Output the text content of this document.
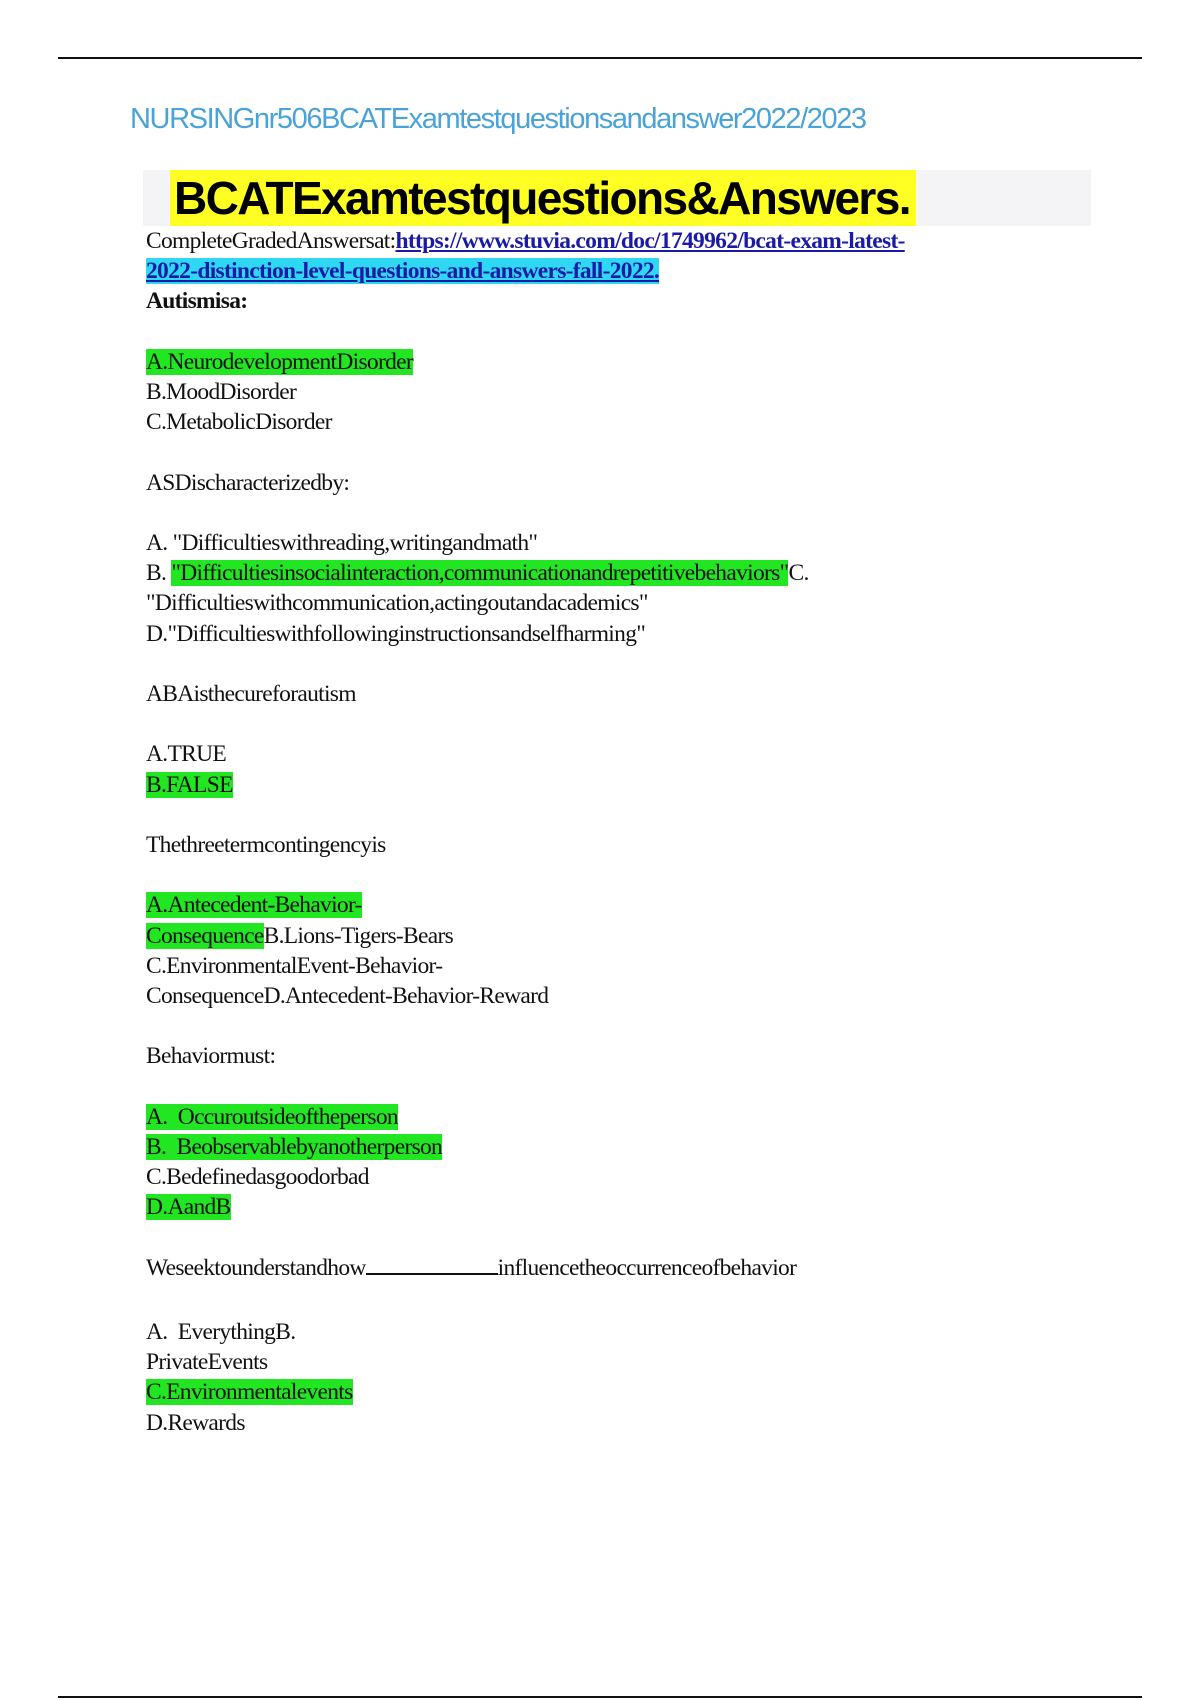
NURSINGnr506BCATExamtestquestionsandanswer2022/2023
BCATExamtestquestions&Answers.
CompleteGradedAnswersat:https://www.stuvia.com/doc/1749962/bcat-exam-latest-
2022-distinction-level-questions-and-answers-fall-2022.
Autismisa:
A.NeurodevelopmentDisorder
B.MoodDisorder
C.MetabolicDisorder
ASDischaracterizedby:
A. "Difficultieswithreading,writingandmath"
B. "Difficultiesinsocialinteraction,communicationandrepetitivebehaviors"C.
"Difficultieswithcommunication,actingoutandacademics"
D."Difficultieswithfollowinginstructionsandselfharming"
ABAisthecureforautism
A.TRUE
B.FALSE
Thethreetermcontingencyis
A.Antecedent-Behavior-
ConsequenceB.Lions-Tigers-Bears
C.EnvironmentalEvent-Behavior-
ConsequenceD.Antecedent-Behavior-Reward
Behaviormust:
A.  Occuroutsideoftheperson
B.  Beobservablebyanotherperson
C.Bedefinedasgoodorbad
D.AandB
Weseektounderstandhow	influencetheoccurrenceofbehavior
A.  EverythingB.
PrivateEvents
C.Environmentalevents
D.Rewards
